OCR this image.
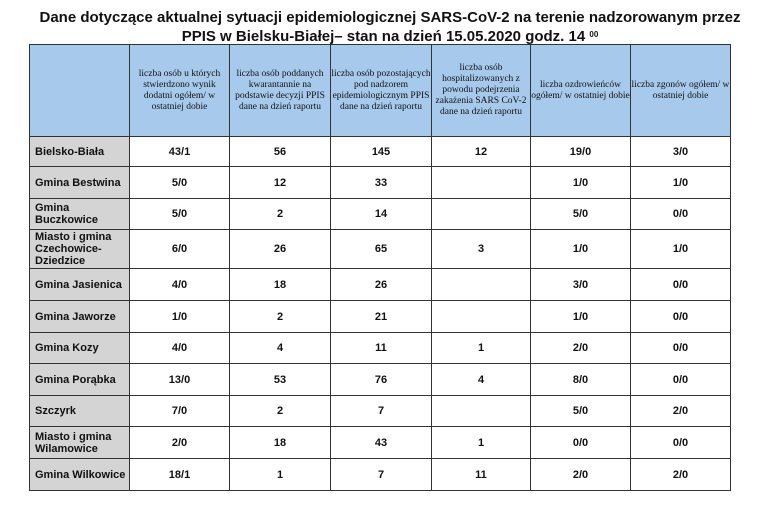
Dane dotyczące aktualnej sytuacji epidemiologicznej SARS-CoV-2 na terenie nadzorowanym przez
PPIS w Bielsku-Białej– stan na dzień 15.05.2020 godz. 14 $^{00}$
	liczba osób u których stwierdzono wynik dodatni ogółem/ w ostatniej dobie	liczba osób poddanych kwarantannie na podstawie decyzji PPIS dane na dzień raportu	liczba osób pozostających pod nadzorem epidemiologicznym PPIS dane na dzień raportu	liczba osób hospitalizowanych z powodu podejrzenia zakażenia SARS CoV-2 dane na dzień raportu	liczba ozdrowieńców ogółem/ w ostatniej dobie	liczba zgonów ogółem/ w ostatniej dobie
Bielsko-Biała	43/1	56	145	12	19/0	3/0
Gmina Bestwina	5/0	12	33		1/0	1/0
Gmina Buczkowice	5/0	2	14		5/0	0/0
Miasto i gmina Czechowice-Dziedzice	6/0	26	65	3	1/0	1/0
Gmina Jasienica	4/0	18	26		3/0	0/0
Gmina Jaworze	1/0	2	21		1/0	0/0
Gmina Kozy	4/0	4	11	1	2/0	0/0
Gmina Porąbka	13/0	53	76	4	8/0	0/0
Szczyrk	7/0	2	7		5/0	2/0
Miasto i gmina Wilamowice	2/0	18	43	1	0/0	0/0
Gmina Wilkowice	18/1	1	7	11	2/0	2/0
